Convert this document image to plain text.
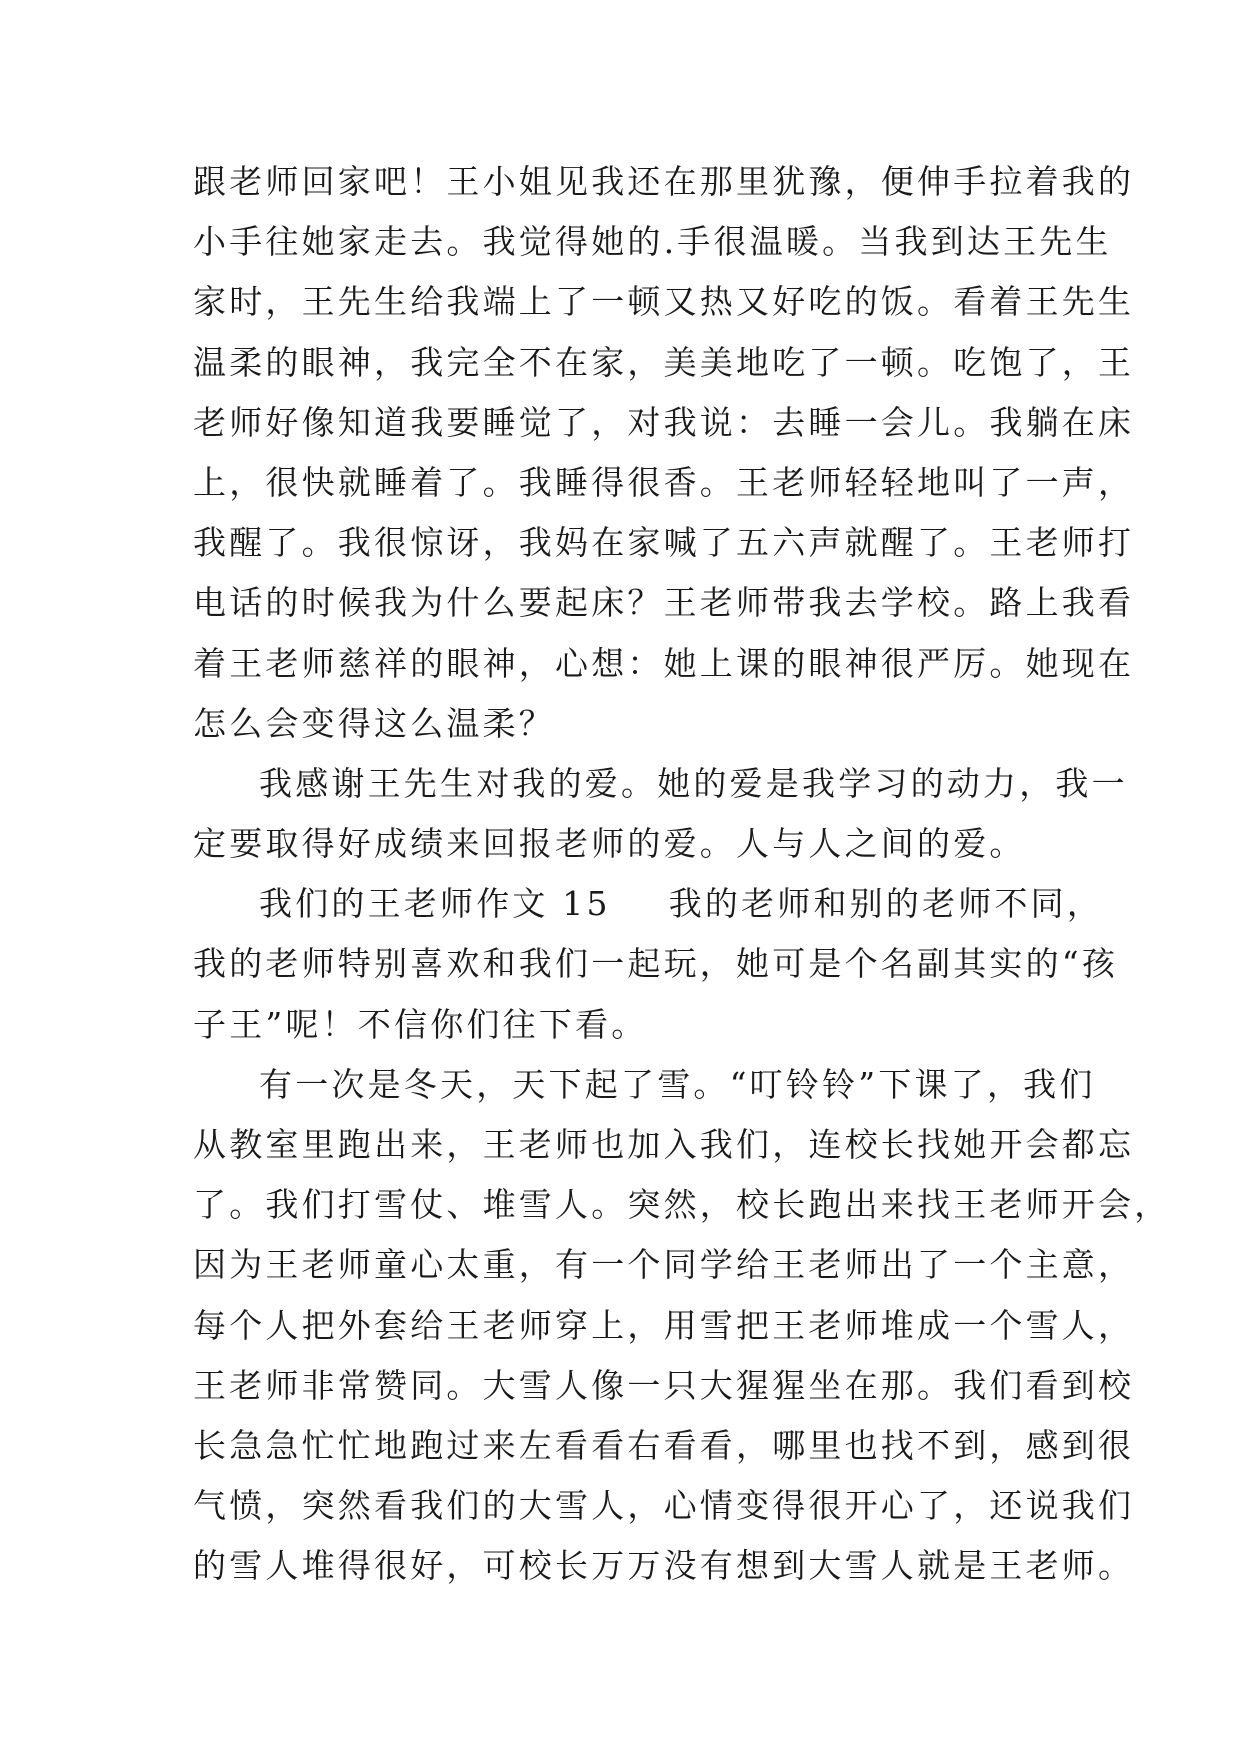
跟老师回家吧！王小姐见我还在那里犹豫，便伸手拉着我的
小手往她家走去。我觉得她的.手很温暖。当我到达王先生
家时，王先生给我端上了一顿又热又好吃的饭。看着王先生
温柔的眼神，我完全不在家，美美地吃了一顿。吃饱了，王
老师好像知道我要睡觉了，对我说：去睡一会儿。我躺在床
上，很快就睡着了。我睡得很香。王老师轻轻地叫了一声，
我醒了。我很惊讶，我妈在家喊了五六声就醒了。王老师打
电话的时候我为什么要起床？王老师带我去学校。路上我看
着王老师慈祥的眼神，心想：她上课的眼神很严厉。她现在
怎么会变得这么温柔？
我感谢王先生对我的爱。她的爱是我学习的动力，我一
定要取得好成绩来回报老师的爱。人与人之间的爱。
我们的王老师作文 15 我的老师和别的老师不同，
我的老师特别喜欢和我们一起玩，她可是个名副其实的“孩
子王”呢！不信你们往下看。
有一次是冬天，天下起了雪。“叮铃铃”下课了，我们
从教室里跑出来，王老师也加入我们，连校长找她开会都忘
了。我们打雪仗、堆雪人。突然，校长跑出来找王老师开会，
因为王老师童心太重，有一个同学给王老师出了一个主意，
每个人把外套给王老师穿上，用雪把王老师堆成一个雪人，
王老师非常赞同。大雪人像一只大猩猩坐在那。我们看到校
长急急忙忙地跑过来左看看右看看，哪里也找不到，感到很
气愤，突然看我们的大雪人，心情变得很开心了，还说我们
的雪人堆得很好，可校长万万没有想到大雪人就是王老师。
